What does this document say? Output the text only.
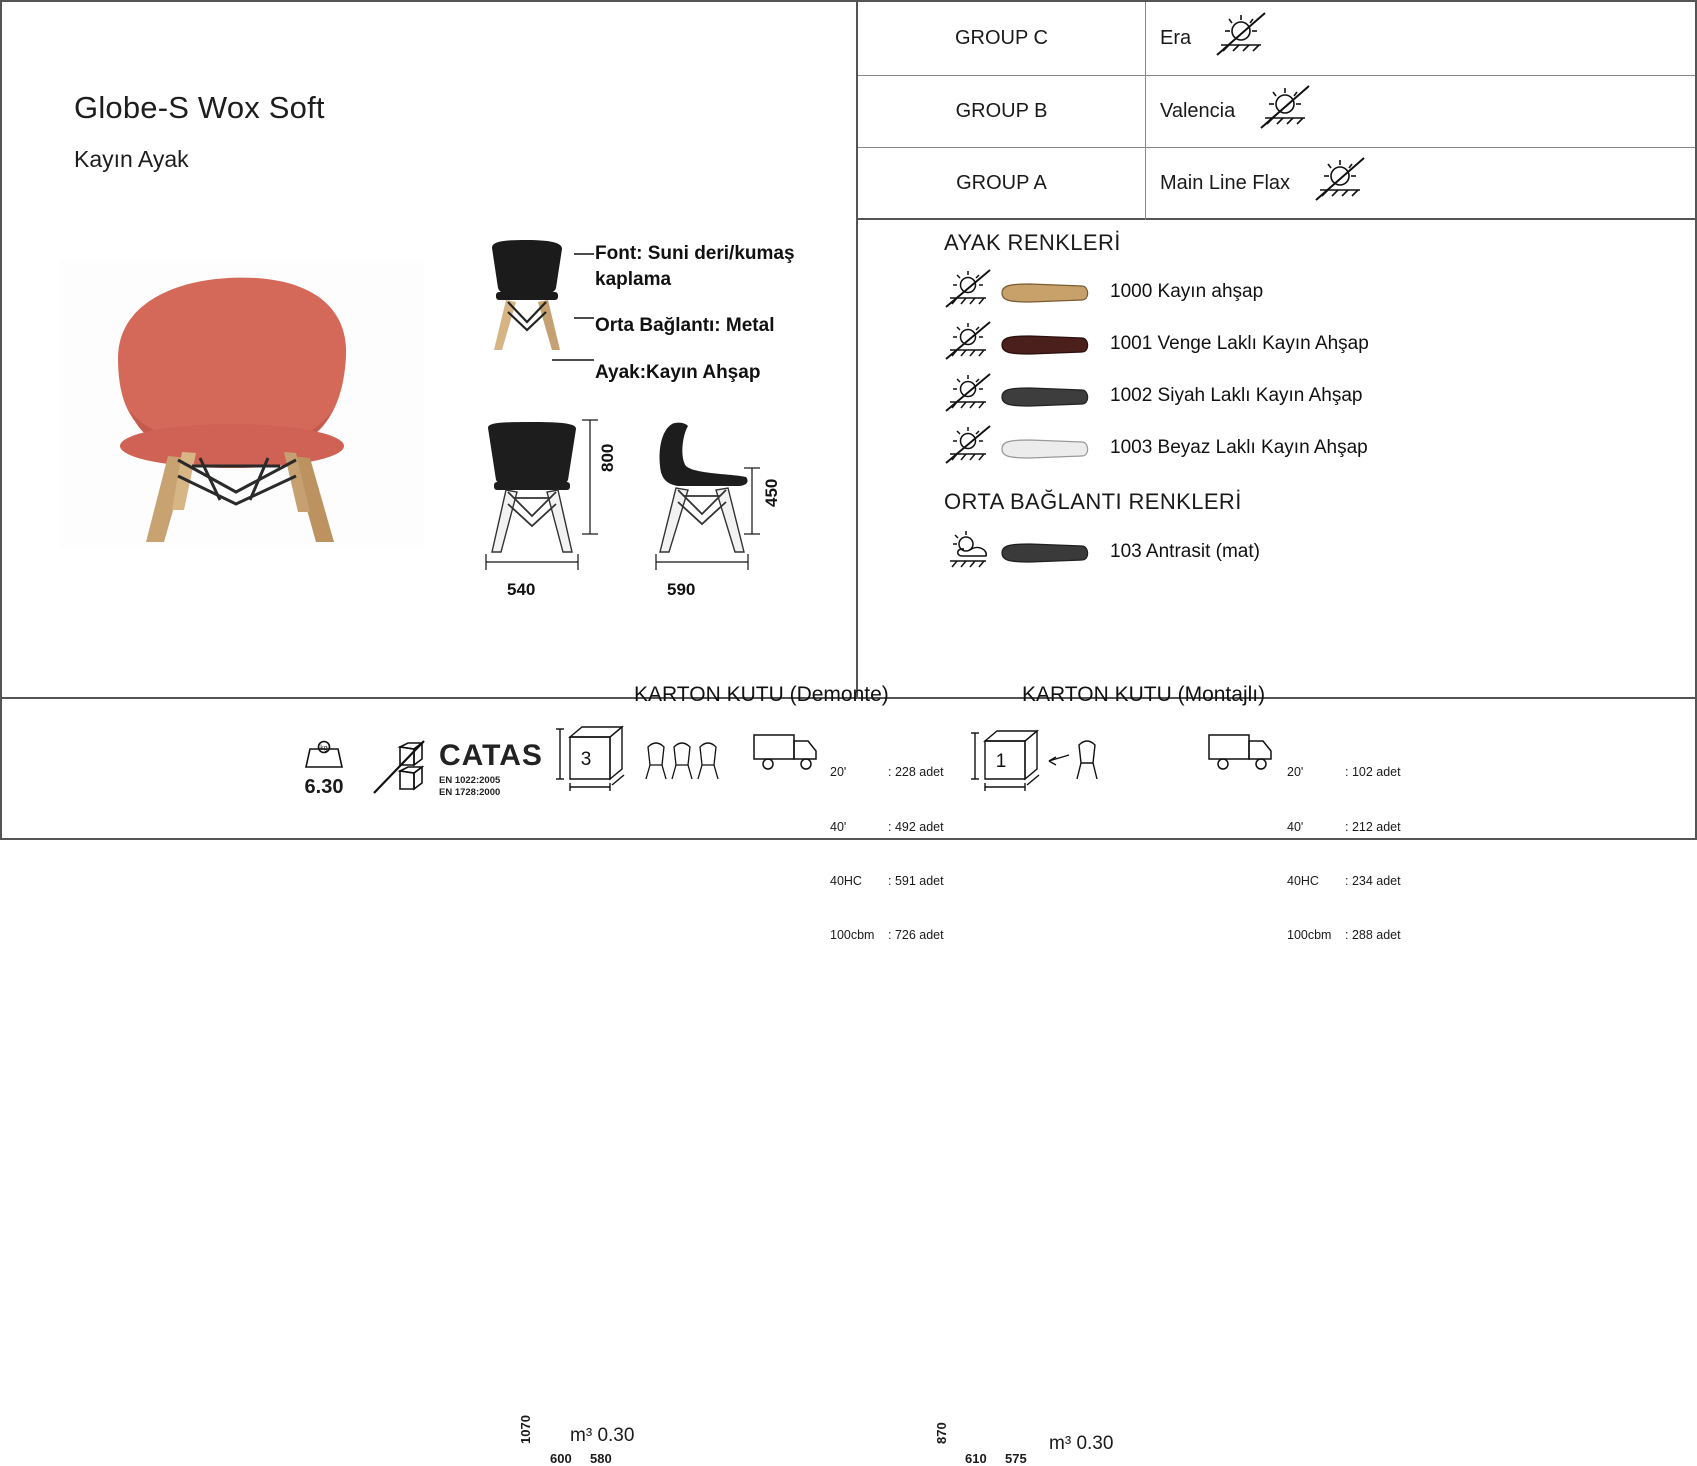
Globe-S Wox Soft
Kayın Ayak
Font: Suni deri/kumaş kaplama
Orta Bağlantı: Metal
Ayak:Kayın Ahşap
540	590
800
450
GROUP C	Era
GROUP B	Valencia
GROUP A	Main Line Flax
AYAK RENKLERİ
1000 Kayın ahşap
1001 Venge Laklı Kayın Ahşap
1002 Siyah Laklı Kayın Ahşap
1003 Beyaz Laklı Kayın Ahşap
ORTA BAĞLANTI RENKLERİ
103 Antrasit (mat)
kg
6.30
CATAS
EN 1022:2005
EN 1728:2000
KARTON KUTU (Demonte)
3
1070
600 580
m³ 0.30

20'	: 228 adet

40'	: 492 adet

40HC : 591 adet

100cbm : 726 adet

KARTON KUTU (Montajlı)
1
870
610 575
m³ 0.30

20'	: 102 adet

40'	: 212 adet

40HC : 234 adet

100cbm : 288 adet
